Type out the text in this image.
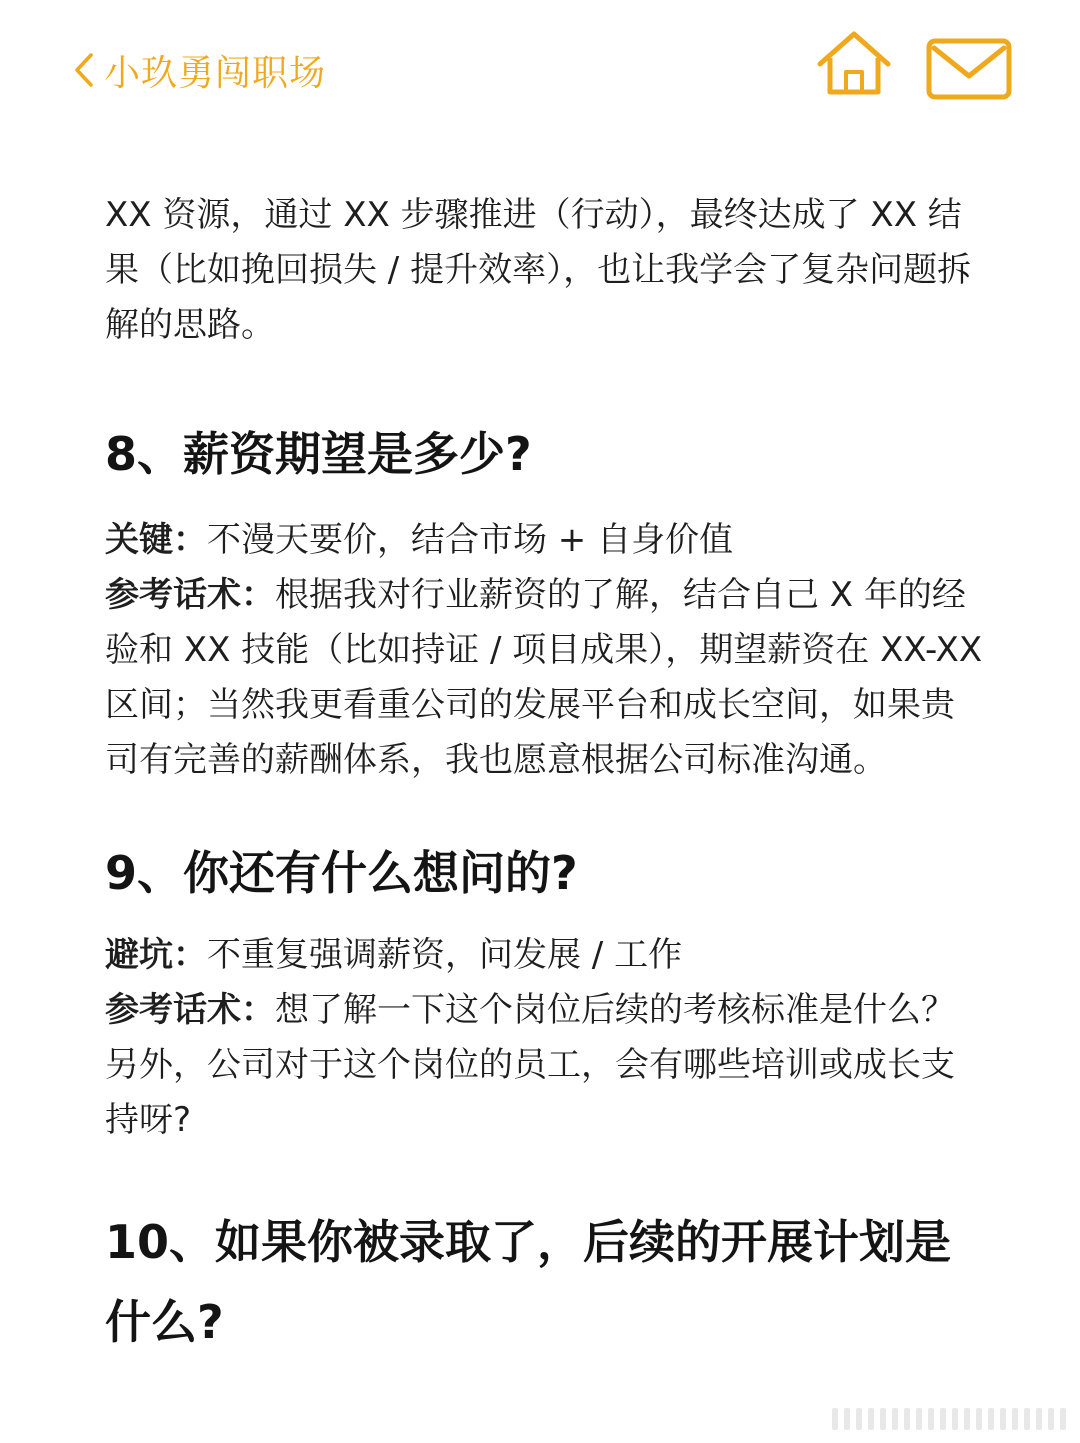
小玖勇闯职场

XX 资源，通过 XX 步骤推进（行动），最终达成了 XX 结果（比如挽回损失 / 提升效率），也让我学会了复杂问题拆解的思路。

8、薪资期望是多少?

关键：不漫天要价，结合市场 + 自身价值

参考话术：根据我对行业薪资的了解，结合自己 X 年的经验和 XX 技能（比如持证 / 项目成果），期望薪资在 XX-XX 区间；当然我更看重公司的发展平台和成长空间，如果贵司有完善的薪酬体系，我也愿意根据公司标准沟通。

9、你还有什么想问的?

避坑：不重复强调薪资，问发展 / 工作

参考话术：想了解一下这个岗位后续的考核标准是什么？另外，公司对于这个岗位的员工，会有哪些培训或成长支持呀?

10、如果你被录取了，后续的开展计划是什么?
